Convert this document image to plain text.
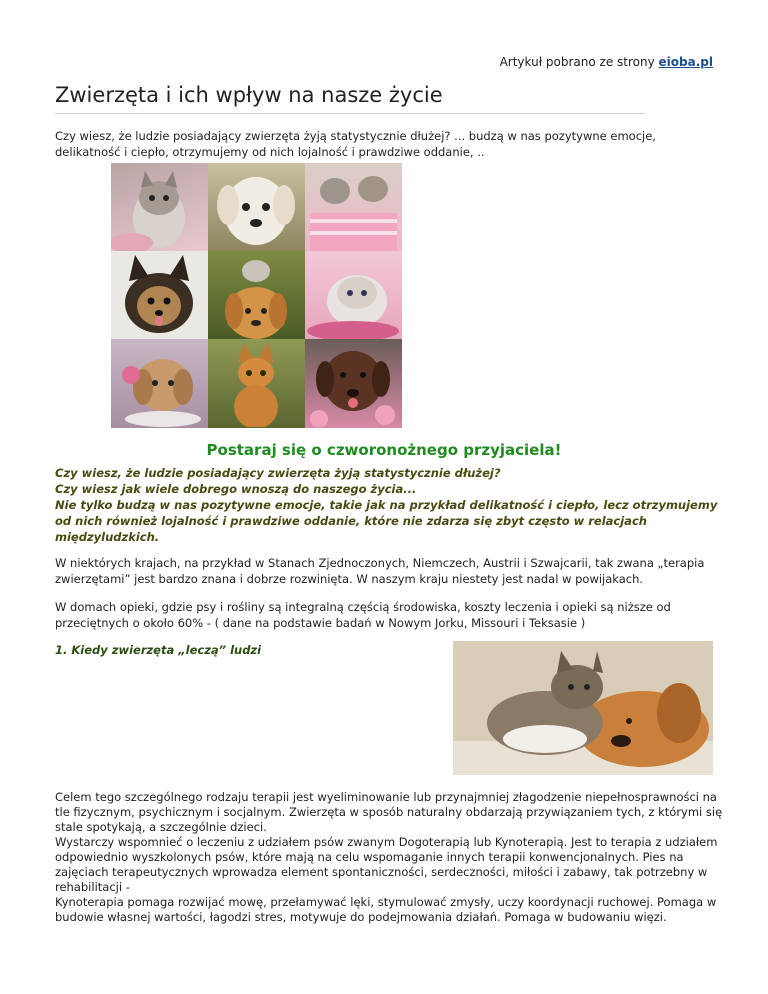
Artykuł pobrano ze strony eioba.pl
Zwierzęta i ich wpływ na nasze życie
Czy wiesz, że ludzie posiadający zwierzęta żyją statystycznie dłużej? ... budzą w nas pozytywne emocje, delikatność i ciepło, otrzymujemy od nich lojalność i prawdziwe oddanie, ..
Postaraj się o czworonożnego przyjaciela!
Czy wiesz, że ludzie posiadający zwierzęta żyją statystycznie dłużej?
Czy wiesz jak wiele dobrego wnoszą do naszego życia...
Nie tylko budzą w nas pozytywne emocje, takie jak na przykład delikatność i ciepło, lecz otrzymujemy od nich również lojalność i prawdziwe oddanie, które nie zdarza się zbyt często w relacjach międzyludzkich.
W niektórych krajach, na przykład w Stanach Zjednoczonych, Niemczech, Austrii i Szwajcarii, tak zwana „terapia zwierzętami” jest bardzo znana i dobrze rozwinięta. W naszym kraju niestety jest nadal w powijakach.
W domach opieki, gdzie psy i rośliny są integralną częścią środowiska, koszty leczenia i opieki są niższe od przeciętnych o około 60% - ( dane na podstawie badań w Nowym Jorku, Missouri i Teksasie )
1. Kiedy zwierzęta „leczą” ludzi
Celem tego szczególnego rodzaju terapii jest wyeliminowanie lub przynajmniej złagodzenie niepełnosprawności na tle fizycznym, psychicznym i socjalnym. Zwierzęta w sposób naturalny obdarzają przywiązaniem tych, z którymi się stale spotykają, a szczególnie dzieci.
Wystarczy wspomnieć o leczeniu z udziałem psów zwanym Dogoterapią lub Kynoterapią. Jest to terapia z udziałem odpowiednio wyszkolonych psów, które mają na celu wspomaganie innych terapii konwencjonalnych. Pies na zajęciach terapeutycznych wprowadza element spontaniczności, serdeczności, miłości i zabawy, tak potrzebny w rehabilitacji -
Kynoterapia pomaga rozwijać mowę, przełamywać lęki, stymulować zmysły, uczy koordynacji ruchowej. Pomaga w budowie własnej wartości, łagodzi stres, motywuje do podejmowania działań. Pomaga w budowaniu więzi.
